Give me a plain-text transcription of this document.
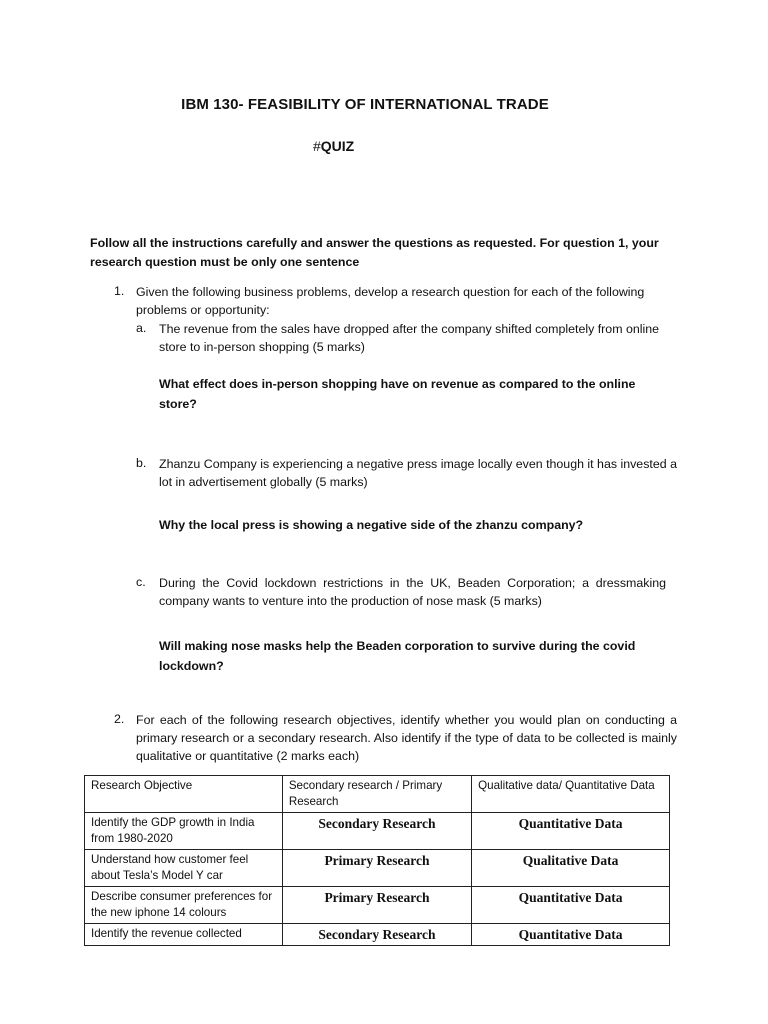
IBM 130- FEASIBILITY OF INTERNATIONAL TRADE
#QUIZ
Follow all the instructions carefully and answer the questions as requested. For question 1, your research question must be only one sentence
1. Given the following business problems, develop a research question for each of the following problems or opportunity:
a. The revenue from the sales have dropped after the company shifted completely from online store to in-person shopping (5 marks)
What effect does in-person shopping have on revenue as compared to the online store?
b. Zhanzu Company is experiencing a negative press image locally even though it has invested a lot in advertisement globally (5 marks)
Why the local press is showing a negative side of the zhanzu company?
c. During the Covid lockdown restrictions in the UK, Beaden Corporation; a dressmaking company wants to venture into the production of nose mask (5 marks)
Will making nose masks help the Beaden corporation to survive during the covid lockdown?
2. For each of the following research objectives, identify whether you would plan on conducting a primary research or a secondary research. Also identify if the type of data to be collected is mainly qualitative or quantitative (2 marks each)
Research Objective	Secondary research / Primary Research	Qualitative data/ Quantitative Data
Identify the GDP growth in India from 1980-2020	Secondary Research	Quantitative Data
Understand how customer feel about Tesla’s Model Y car	Primary Research	Qualitative Data
Describe consumer preferences for the new iphone 14 colours	Primary Research	Quantitative Data
Identify the revenue collected	Secondary Research	Quantitative Data
